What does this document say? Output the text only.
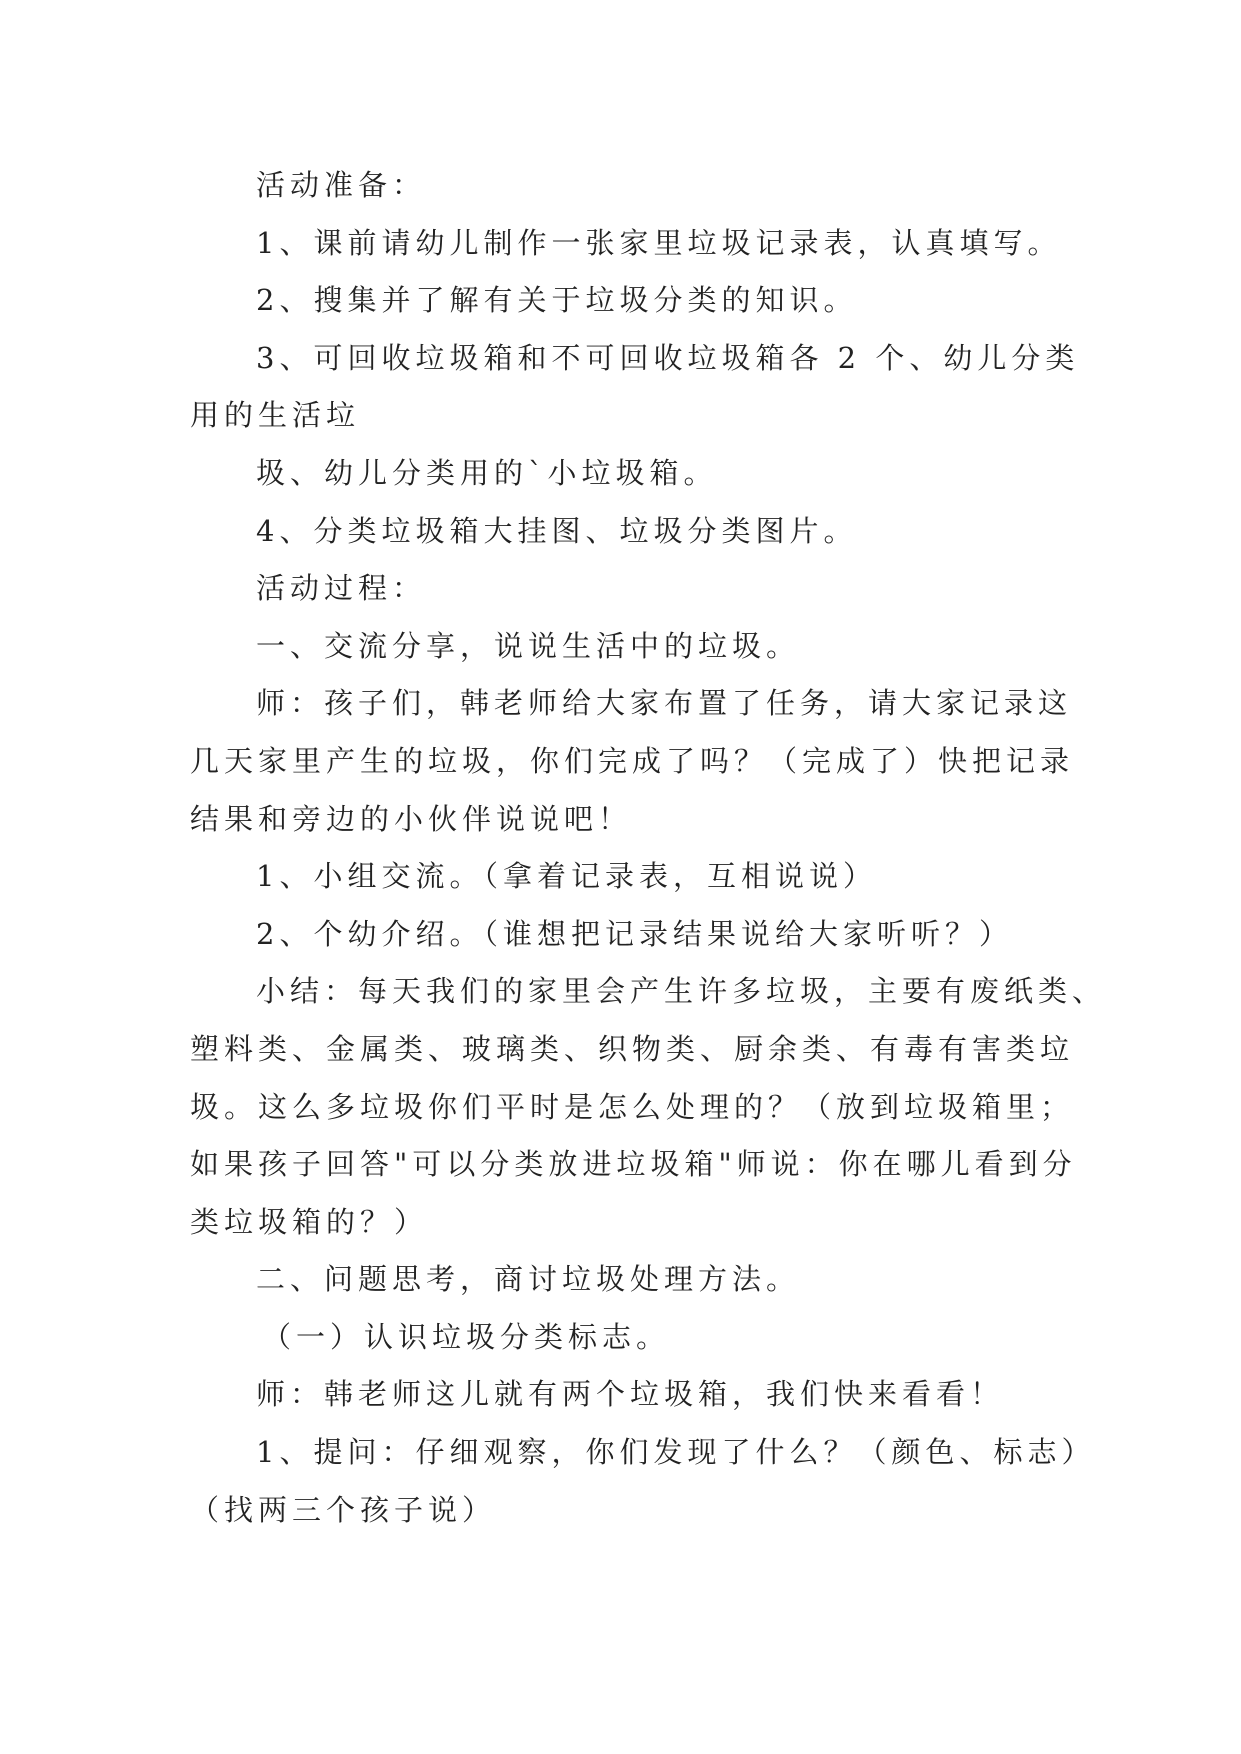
活动准备：

1、课前请幼儿制作一张家里垃圾记录表，认真填写。

2、搜集并了解有关于垃圾分类的知识。

3、可回收垃圾箱和不可回收垃圾箱各 2 个、幼儿分类

用的生活垃

圾、幼儿分类用的`小垃圾箱。

4、分类垃圾箱大挂图、垃圾分类图片。

活动过程：

一、交流分享，说说生活中的垃圾。

师：孩子们，韩老师给大家布置了任务，请大家记录这

几天家里产生的垃圾，你们完成了吗？（完成了）快把记录

结果和旁边的小伙伴说说吧！

1、小组交流。（拿着记录表，互相说说）

2、个幼介绍。（谁想把记录结果说给大家听听？）

小结：每天我们的家里会产生许多垃圾，主要有废纸类、

塑料类、金属类、玻璃类、织物类、厨余类、有毒有害类垃

圾。这么多垃圾你们平时是怎么处理的？（放到垃圾箱里；

如果孩子回答"可以分类放进垃圾箱"师说：你在哪儿看到分

类垃圾箱的？）

二、问题思考，商讨垃圾处理方法。

（一）认识垃圾分类标志。

师：韩老师这儿就有两个垃圾箱，我们快来看看！

1、提问：仔细观察，你们发现了什么？（颜色、标志）

（找两三个孩子说）
